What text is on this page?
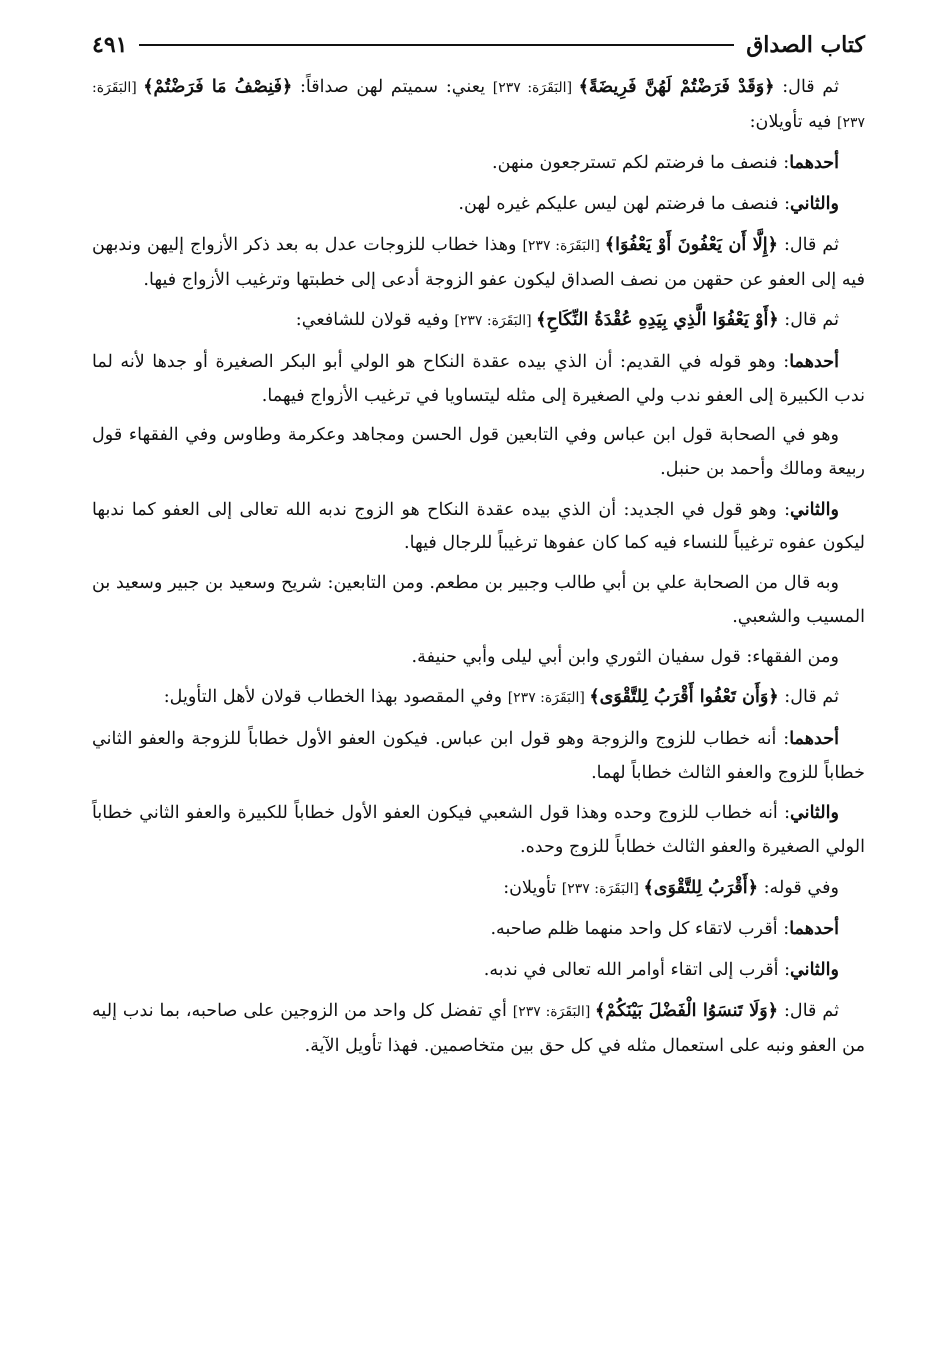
كتاب الصداق
٤٩١

ثم قال: ﴿وَقَدْ فَرَضْتُمْ لَهُنَّ فَرِيضَةً﴾ [البَقَرَة: ٢٣٧] يعني: سميتم لهن صداقاً: ﴿فَنِصْفُ مَا فَرَضْتُمْ﴾ [البَقَرَة: ٢٣٧] فيه تأويلان:

أحدهما: فنصف ما فرضتم لكم تسترجعون منهن.

والثاني: فنصف ما فرضتم لهن ليس عليكم غيره لهن.

ثم قال: ﴿إِلَّا أَن يَعْفُونَ أَوْ يَعْفُوَا﴾ [البَقَرَة: ٢٣٧] وهذا خطاب للزوجات عدل به بعد ذكر الأزواج إليهن وندبهن فيه إلى العفو عن حقهن من نصف الصداق ليكون عفو الزوجة أدعى إلى خطبتها وترغيب الأزواج فيها.

ثم قال: ﴿أَوْ يَعْفُوَا الَّذِي بِيَدِهِ عُقْدَةُ النِّكَاحِ﴾ [البَقَرَة: ٢٣٧] وفيه قولان للشافعي:

أحدهما: وهو قوله في القديم: أن الذي بيده عقدة النكاح هو الولي أبو البكر الصغيرة أو جدها لأنه لما ندب الكبيرة إلى العفو ندب ولي الصغيرة إلى مثله ليتساويا في ترغيب الأزواج فيهما.

وهو في الصحابة قول ابن عباس وفي التابعين قول الحسن ومجاهد وعكرمة وطاوس وفي الفقهاء قول ربيعة ومالك وأحمد بن حنبل.

والثاني: وهو قول في الجديد: أن الذي بيده عقدة النكاح هو الزوج ندبه الله تعالى إلى العفو كما ندبها ليكون عفوه ترغيباً للنساء فيه كما كان عفوها ترغيباً للرجال فيها.

وبه قال من الصحابة علي بن أبي طالب وجبير بن مطعم. ومن التابعين: شريح وسعيد بن جبير وسعيد بن المسيب والشعبي.

ومن الفقهاء: قول سفيان الثوري وابن أبي ليلى وأبي حنيفة.

ثم قال: ﴿وَأَن تَعْفُوا أَقْرَبُ لِلتَّقْوَى﴾ [البَقَرَة: ٢٣٧] وفي المقصود بهذا الخطاب قولان لأهل التأويل:

أحدهما: أنه خطاب للزوج والزوجة وهو قول ابن عباس. فيكون العفو الأول خطاباً للزوجة والعفو الثاني خطاباً للزوج والعفو الثالث خطاباً لهما.

والثاني: أنه خطاب للزوج وحده وهذا قول الشعبي فيكون العفو الأول خطاباً للكبيرة والعفو الثاني خطاباً الولي الصغيرة والعفو الثالث خطاباً للزوج وحده.

وفي قوله: ﴿أَقْرَبُ لِلتَّقْوَى﴾ [البَقَرَة: ٢٣٧] تأويلان:

أحدهما: أقرب لاتقاء كل واحد منهما ظلم صاحبه.

والثاني: أقرب إلى اتقاء أوامر الله تعالى في ندبه.

ثم قال: ﴿وَلَا تَنسَوُا الْفَضْلَ بَيْنَكُمْ﴾ [البَقَرَة: ٢٣٧] أي تفضل كل واحد من الزوجين على صاحبه، بما ندب إليه من العفو ونبه على استعمال مثله في كل حق بين متخاصمين. فهذا تأويل الآية.
